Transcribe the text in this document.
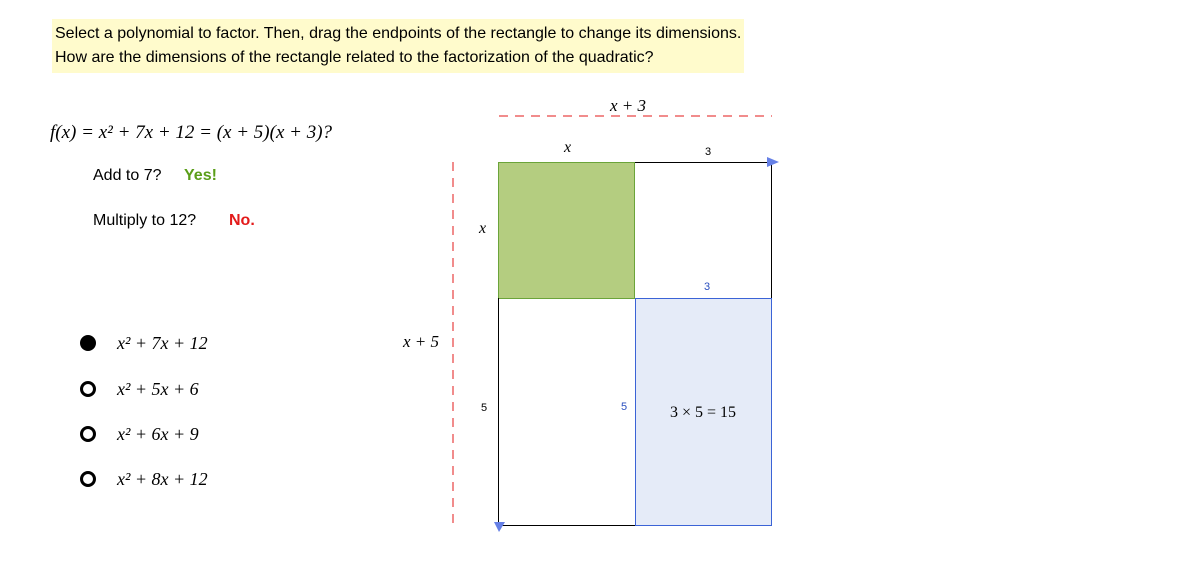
Select a polynomial to factor. Then, drag the endpoints of the rectangle to change its dimensions.
How are the dimensions of the rectangle related to the factorization of the quadratic?
f(x) = x² + 7x + 12 = (x + 5)(x + 3)?
Add to 7? Yes!
Multiply to 12? No.
x² + 7x + 12
x² + 5x + 6
x² + 6x + 9
x² + 8x + 12
x + 3
x + 5
x	3
x
5
3
5	3 × 5 = 15
